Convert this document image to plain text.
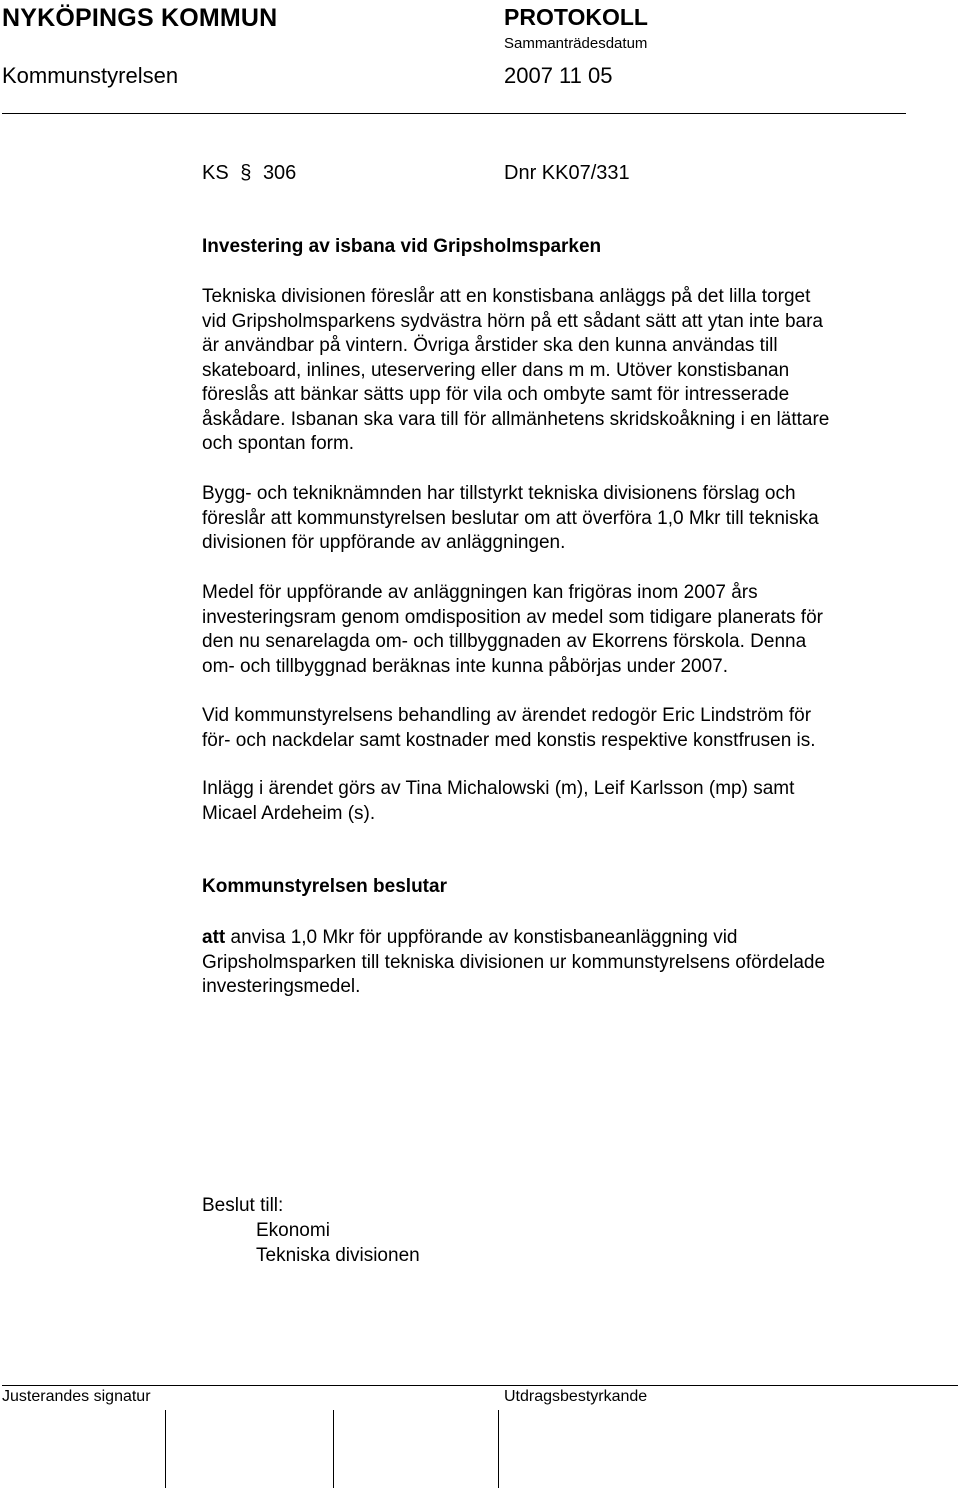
NYKÖPINGS KOMMUN	PROTOKOLL
Sammanträdesdatum
Kommunstyrelsen	2007 11 05
KS § 306	Dnr KK07/331
Investering av isbana vid Gripsholmsparken
Tekniska divisionen föreslår att en konstisbana anläggs på det lilla torget
vid Gripsholmsparkens sydvästra hörn på ett sådant sätt att ytan inte bara
är användbar på vintern. Övriga årstider ska den kunna användas till
skateboard, inlines, uteservering eller dans m m. Utöver konstisbanan
föreslås att bänkar sätts upp för vila och ombyte samt för intresserade
åskådare. Isbanan ska vara till för allmänhetens skridskoåkning i en lättare
och spontan form.
Bygg- och tekniknämnden har tillstyrkt tekniska divisionens förslag och
föreslår att kommunstyrelsen beslutar om att överföra 1,0 Mkr till tekniska
divisionen för uppförande av anläggningen.
Medel för uppförande av anläggningen kan frigöras inom 2007 års
investeringsram genom omdisposition av medel som tidigare planerats för
den nu senarelagda om- och tillbyggnaden av Ekorrens förskola. Denna
om- och tillbyggnad beräknas inte kunna påbörjas under 2007.
Vid kommunstyrelsens behandling av ärendet redogör Eric Lindström för
för- och nackdelar samt kostnader med konstis respektive konstfrusen is.
Inlägg i ärendet görs av Tina Michalowski (m), Leif Karlsson (mp) samt
Micael Ardeheim (s).
Kommunstyrelsen beslutar
att anvisa 1,0 Mkr för uppförande av konstisbaneanläggning vid
Gripsholmsparken till tekniska divisionen ur kommunstyrelsens ofördelade
investeringsmedel.
Beslut till:
Ekonomi
Tekniska divisionen
Justerandes signatur	Utdragsbestyrkande
